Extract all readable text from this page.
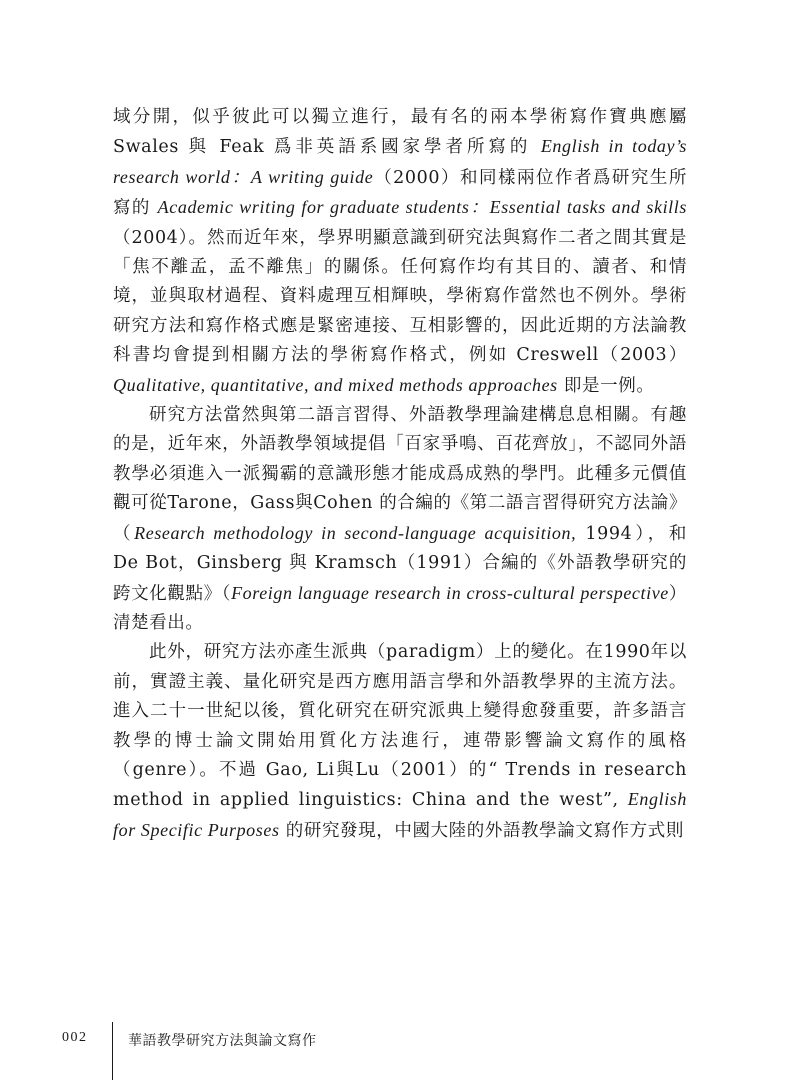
域分開，似乎彼此可以獨立進行，最有名的兩本學術寫作寶典應屬 Swales 與 Feak 爲非英語系國家學者所寫的 English in today’s research world：A writing guide（2000）和同樣兩位作者爲研究生所寫的 Academic writing for graduate students：Essential tasks and skills（2004）。然而近年來，學界明顯意識到研究法與寫作二者之間其實是「焦不離孟，孟不離焦」的關係。任何寫作均有其目的、讀者、和情境，並與取材過程、資料處理互相輝映，學術寫作當然也不例外。學術研究方法和寫作格式應是緊密連接、互相影響的，因此近期的方法論教科書均會提到相關方法的學術寫作格式，例如 Creswell（2003）Qualitative, quantitative, and mixed methods approaches 即是一例。

研究方法當然與第二語言習得、外語教學理論建構息息相關。有趣的是，近年來，外語教學領域提倡「百家爭鳴、百花齊放」，不認同外語教學必須進入一派獨霸的意識形態才能成爲成熟的學門。此種多元價值觀可從Tarone，Gass與Cohen 的合編的《第二語言習得研究方法論》（Research methodology in second-language acquisition, 1994），和 De Bot，Ginsberg 與 Kramsch（1991）合編的《外語教學研究的跨文化觀點》（Foreign language research in cross-cultural perspective）清楚看出。

此外，研究方法亦產生派典（paradigm）上的變化。在1990年以前，實證主義、量化研究是西方應用語言學和外語教學界的主流方法。進入二十一世紀以後，質化研究在研究派典上變得愈發重要，許多語言教學的博士論文開始用質化方法進行，連帶影響論文寫作的風格（genre）。不過 Gao, Li與Lu（2001）的“ Trends in research method in applied linguistics: China and the west”, English for Specific Purposes 的研究發現，中國大陸的外語教學論文寫作方式則

002	華語教學研究方法與論文寫作
